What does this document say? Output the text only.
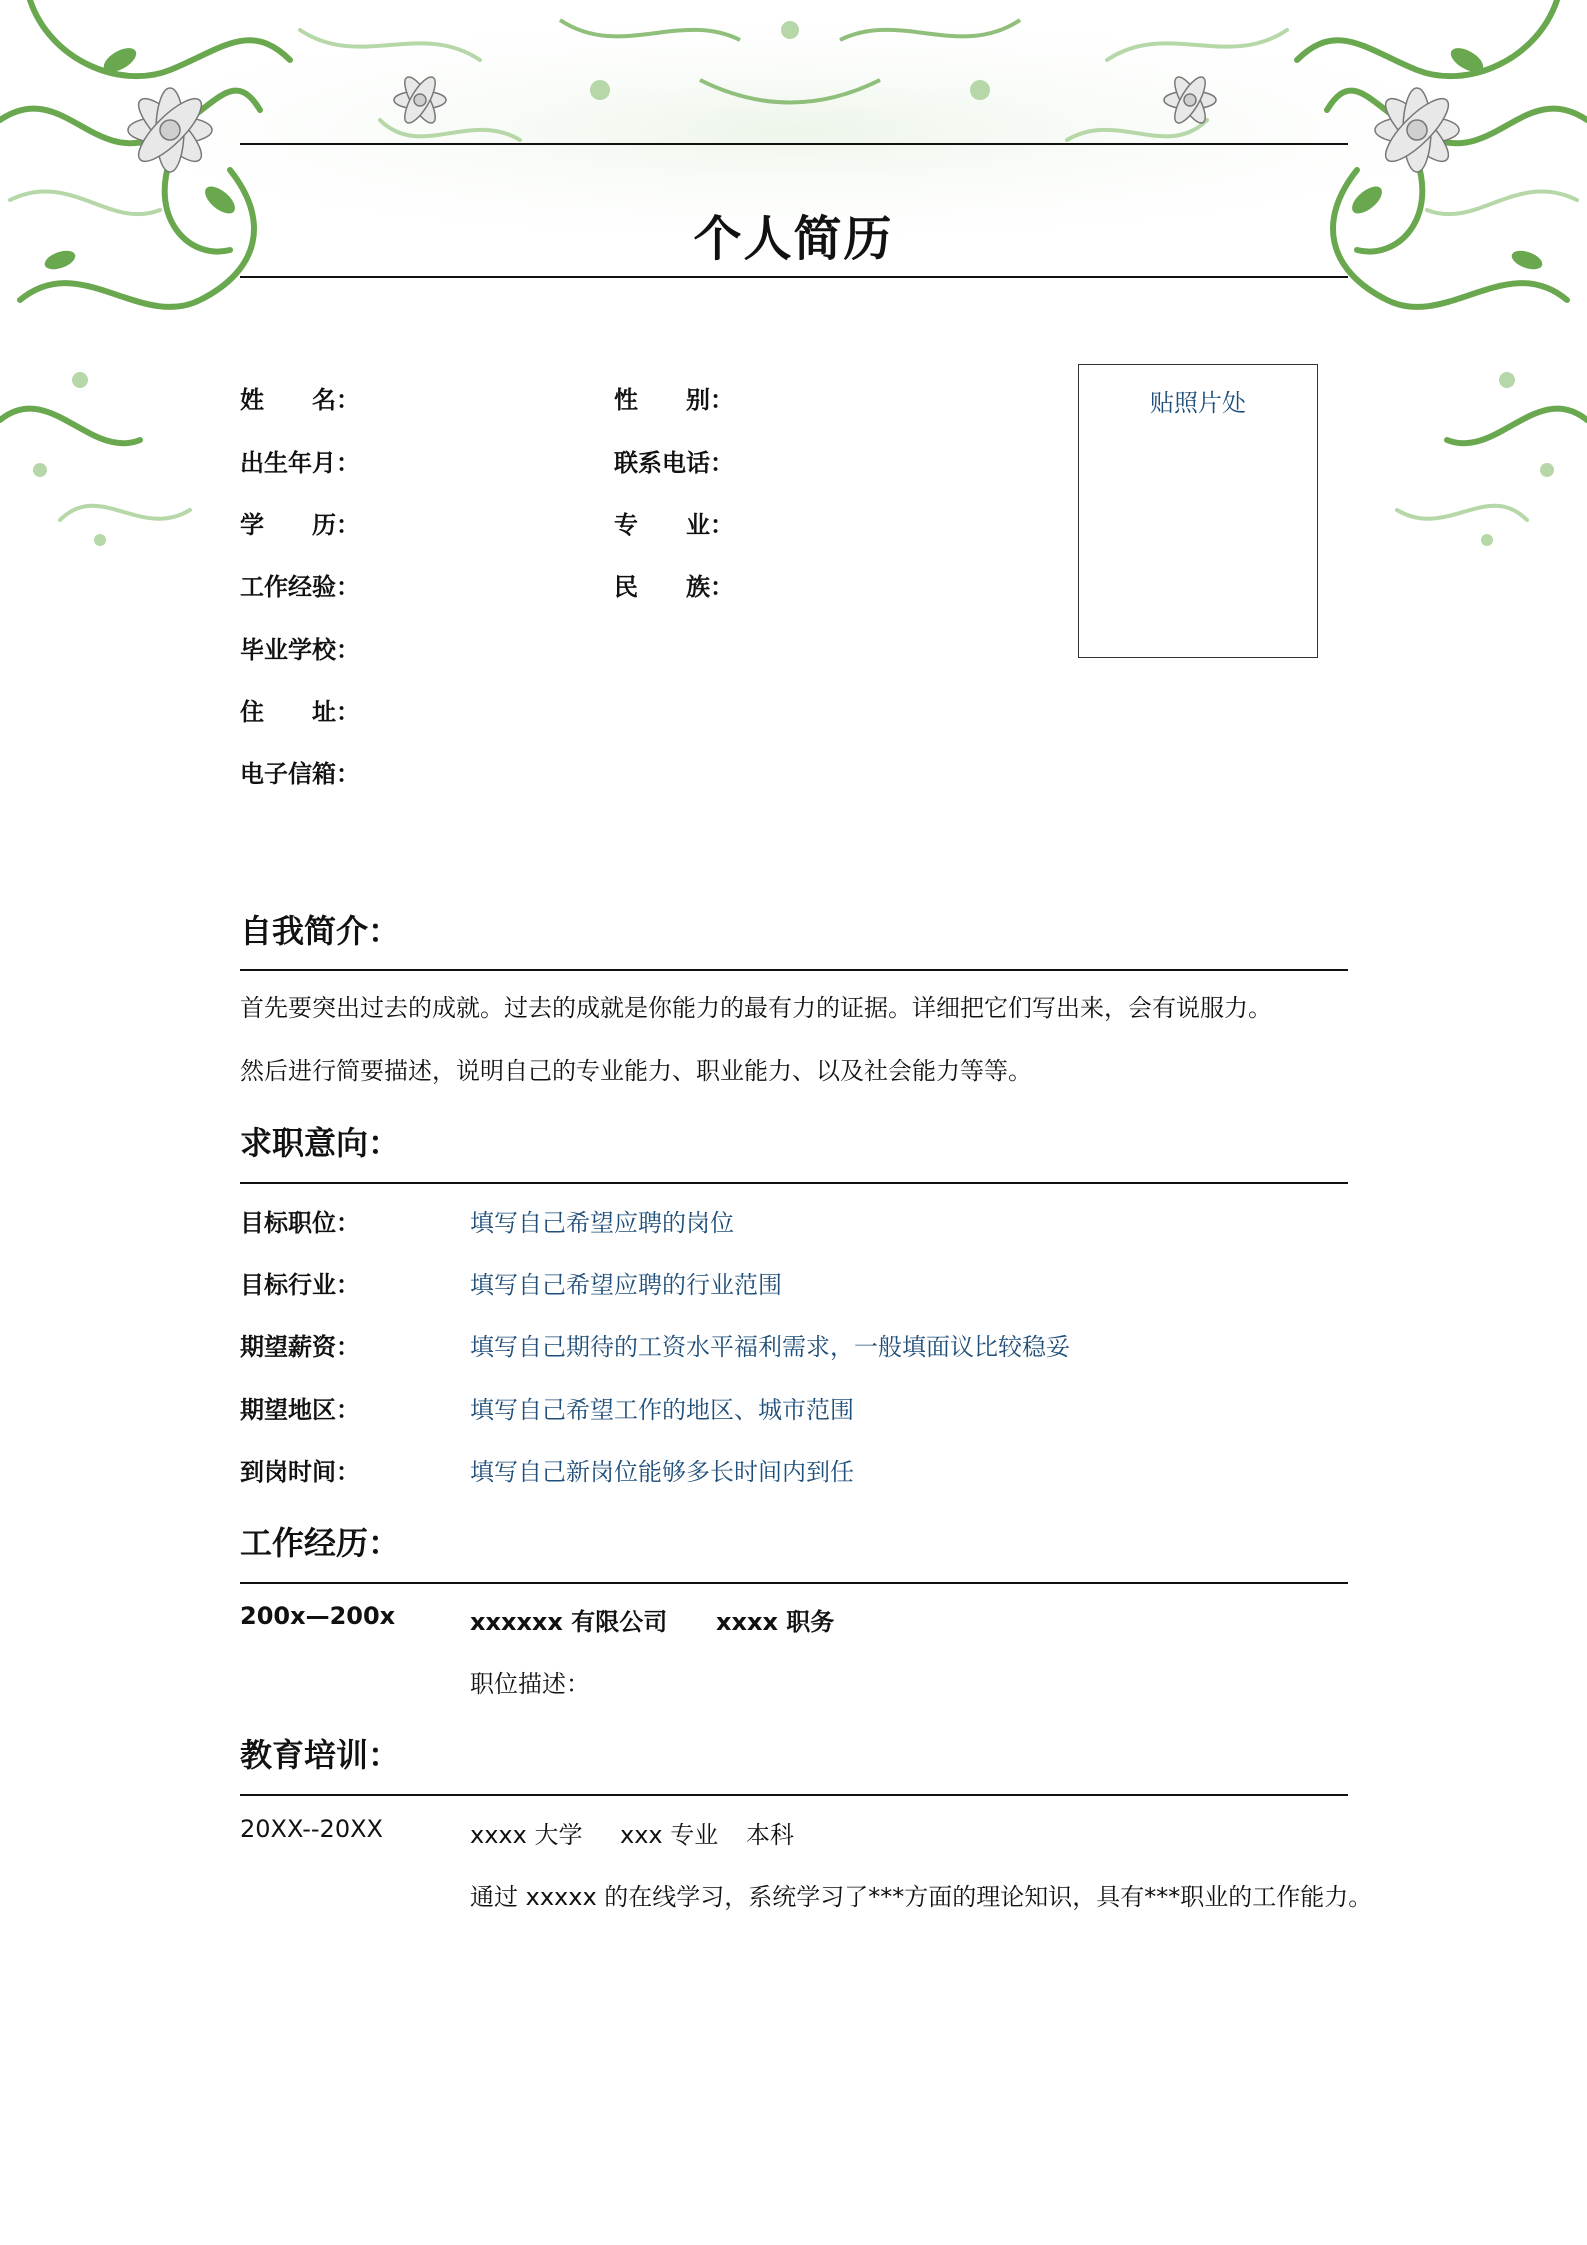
个人简历
姓　　名：	性　　别：
出生年月：	联系电话：
学　　历：	专　　业：
工作经验：	民　　族：
毕业学校：
住　　址：
电子信箱：
贴照片处
自我简介：
首先要突出过去的成就。过去的成就是你能力的最有力的证据。详细把它们写出来，会有说服力。
然后进行简要描述，说明自己的专业能力、职业能力、以及社会能力等等。
求职意向：
目标职位：	填写自己希望应聘的岗位
目标行业：	填写自己希望应聘的行业范围
期望薪资：	填写自己期待的工资水平福利需求，一般填面议比较稳妥
期望地区：	填写自己希望工作的地区、城市范围
到岗时间：	填写自己新岗位能够多长时间内到任
工作经历：
200x—200x	xxxxxx 有限公司 xxxx 职务
职位描述：
教育培训：
20XX--20XX	xxxx 大学 xxx 专业 本科
通过 xxxxx 的在线学习，系统学习了***方面的理论知识，具有***职业的工作能力。
